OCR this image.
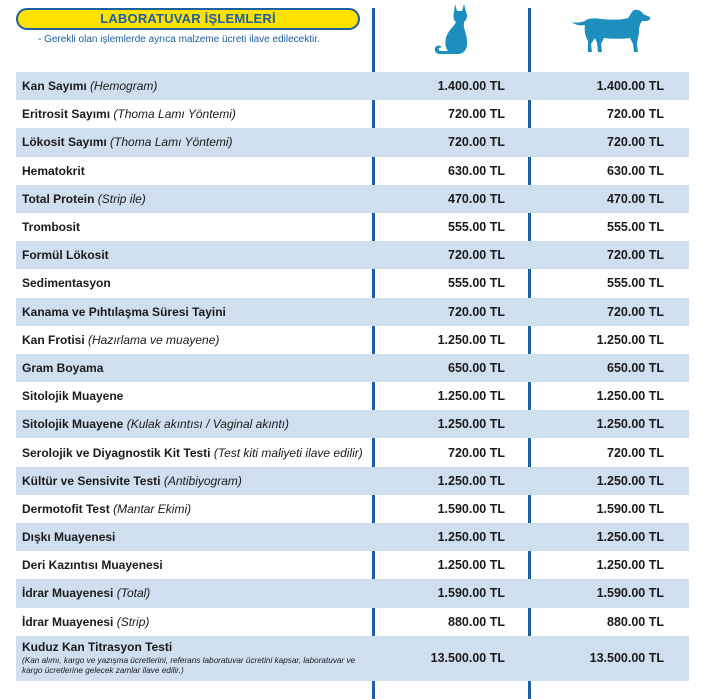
LABORATUVAR İŞLEMLERİ
- Gerekli olan işlemlerde ayrıca malzeme ücreti ilave edilecektir.
Kan Sayımı (Hemogram)	1.400.00 TL	1.400.00 TL
Eritrosit Sayımı (Thoma Lamı Yöntemi)	720.00 TL	720.00 TL
Lökosit Sayımı (Thoma Lamı Yöntemi)	720.00 TL	720.00 TL
Hematokrit	630.00 TL	630.00 TL
Total Protein (Strip ile)	470.00 TL	470.00 TL
Trombosit	555.00 TL	555.00 TL
Formül Lökosit	720.00 TL	720.00 TL
Sedimentasyon	555.00 TL	555.00 TL
Kanama ve Pıhtılaşma Süresi Tayini	720.00 TL	720.00 TL
Kan Frotisi (Hazırlama ve muayene)	1.250.00 TL	1.250.00 TL
Gram Boyama	650.00 TL	650.00 TL
Sitolojik Muayene	1.250.00 TL	1.250.00 TL
Sitolojik Muayene (Kulak akıntısı / Vaginal akıntı)	1.250.00 TL	1.250.00 TL
Serolojik ve Diyagnostik Kit Testi (Test kiti maliyeti ilave edilir)	720.00 TL	720.00 TL
Kültür ve Sensivite Testi (Antibiyogram)	1.250.00 TL	1.250.00 TL
Dermotofit Test (Mantar Ekimi)	1.590.00 TL	1.590.00 TL
Dışkı Muayenesi	1.250.00 TL	1.250.00 TL
Deri Kazıntısı Muayenesi	1.250.00 TL	1.250.00 TL
İdrar Muayenesi (Total)	1.590.00 TL	1.590.00 TL
İdrar Muayenesi (Strip)	880.00 TL	880.00 TL
Kuduz Kan Titrasyon Testi
(Kan alımı, kargo ve yazışma ücretlerini, referans laboratuvar ücretini kapsar, laboratuvar ve kargo ücretlerine gelecek zamlar ilave edilir.)
13.500.00 TL	13.500.00 TL
